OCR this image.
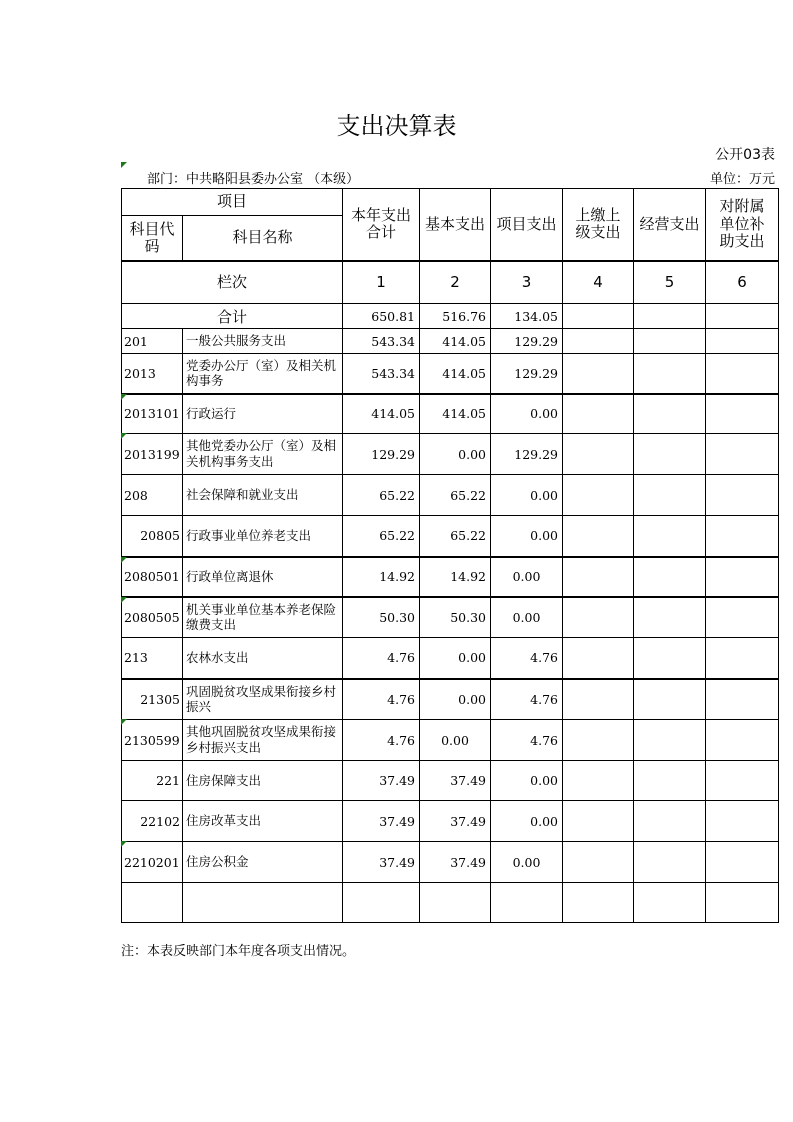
支出决算表
公开03表
部门：中共略阳县委办公室 （本级）	单位：万元
项目		本年支出合计	基本支出	项目支出	上缴上级支出	经营支出	对附属单位补助支出
科目代码	科目名称						
栏次		1	2	3	4	5	6
合计		650.81	516.76	134.05			
201	一般公共服务支出	543.34	414.05	129.29			
2013	党委办公厅（室）及相关机构事务	543.34	414.05	129.29			

2013101	行政运行	414.05	414.05	0.00			

2013199	其他党委办公厅（室）及相关机构事务支出	129.29	0.00	129.29			
208	社会保障和就业支出	65.22	65.22	0.00			
20805	行政事业单位养老支出	65.22	65.22	0.00			

2080501	行政单位离退休	14.92	14.92	0.00			

2080505	机关事业单位基本养老保险缴费支出	50.30	50.30	0.00			
213	农林水支出	4.76	0.00	4.76			
21305	巩固脱贫攻坚成果衔接乡村振兴	4.76	0.00	4.76			

2130599	其他巩固脱贫攻坚成果衔接乡村振兴支出	4.76	0.00	4.76			
221	住房保障支出	37.49	37.49	0.00			
22102	住房改革支出	37.49	37.49	0.00			

2210201	住房公积金	37.49	37.49	0.00			

注：本表反映部门本年度各项支出情况。
